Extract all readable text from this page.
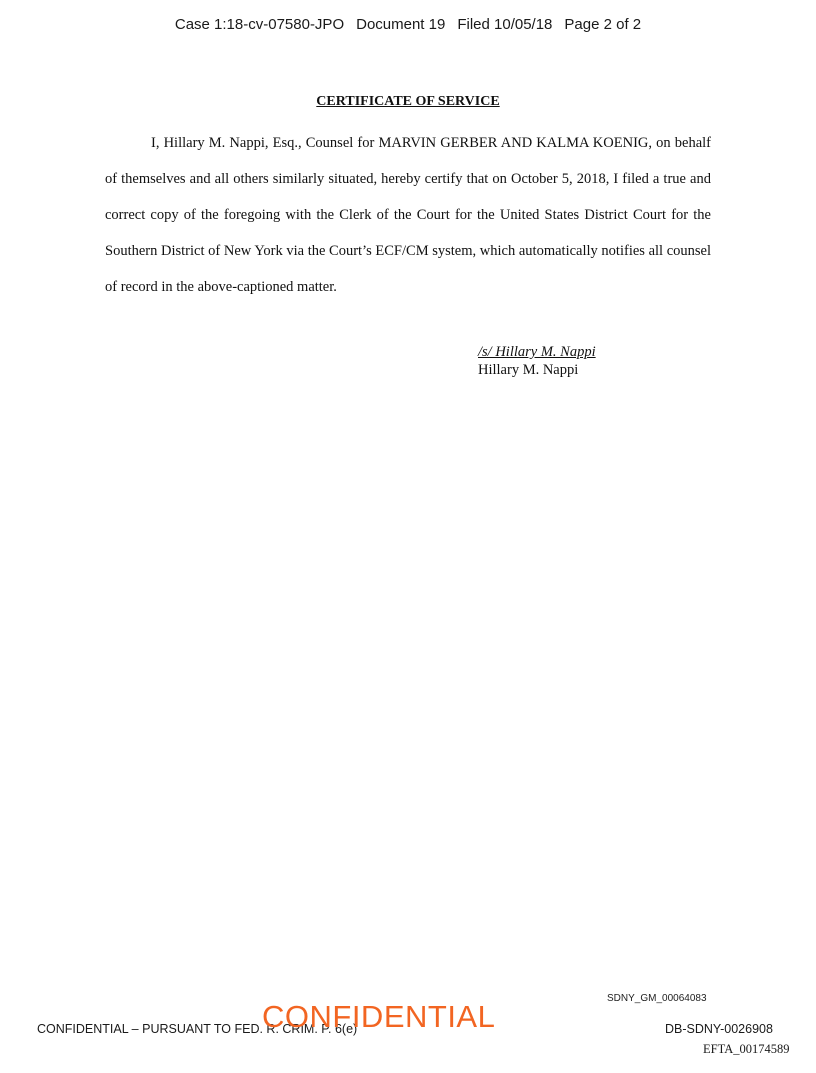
Case 1:18-cv-07580-JPO Document 19 Filed 10/05/18 Page 2 of 2
CERTIFICATE OF SERVICE

I, Hillary M. Nappi, Esq., Counsel for MARVIN GERBER AND KALMA KOENIG, on behalf of themselves and all others similarly situated, hereby certify that on October 5, 2018, I filed a true and correct copy of the foregoing with the Clerk of the Court for the United States District Court for the Southern District of New York via the Court’s ECF/CM system, which automatically notifies all counsel of record in the above-captioned matter.

/s/ Hillary M. Nappi
Hillary M. Nappi
SDNY_GM_00064083
CONFIDENTIAL – PURSUANT TO FED. R. CRIM. P. 6(e)
CONFIDENTIAL	DB-SDNY-0026908
EFTA_00174589
